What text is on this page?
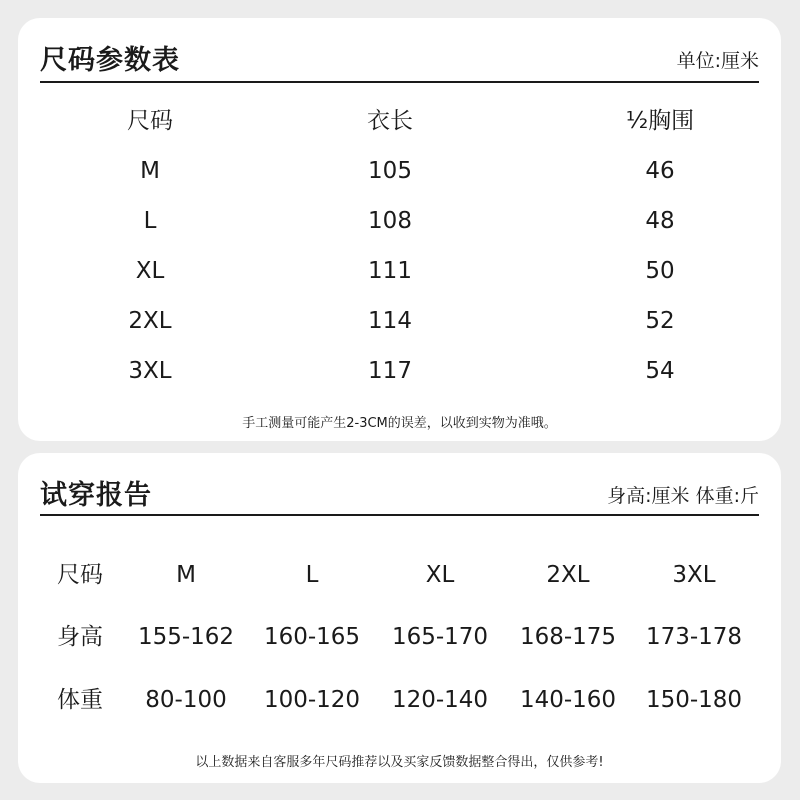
尺码参数表	单位:厘米
尺码	衣长	½胸围
M	105	46
L	108	48
XL	111	50
2XL	114	52
3XL	117	54
手工测量可能产生2-3CM的误差，以收到实物为准哦。
试穿报告	身高:厘米 体重:斤
尺码	M	L	XL	2XL	3XL
身高	155-162	160-165	165-170	168-175	173-178
体重	80-100	100-120	120-140	140-160	150-180
以上数据来自客服多年尺码推荐以及买家反馈数据整合得出，仅供参考!
